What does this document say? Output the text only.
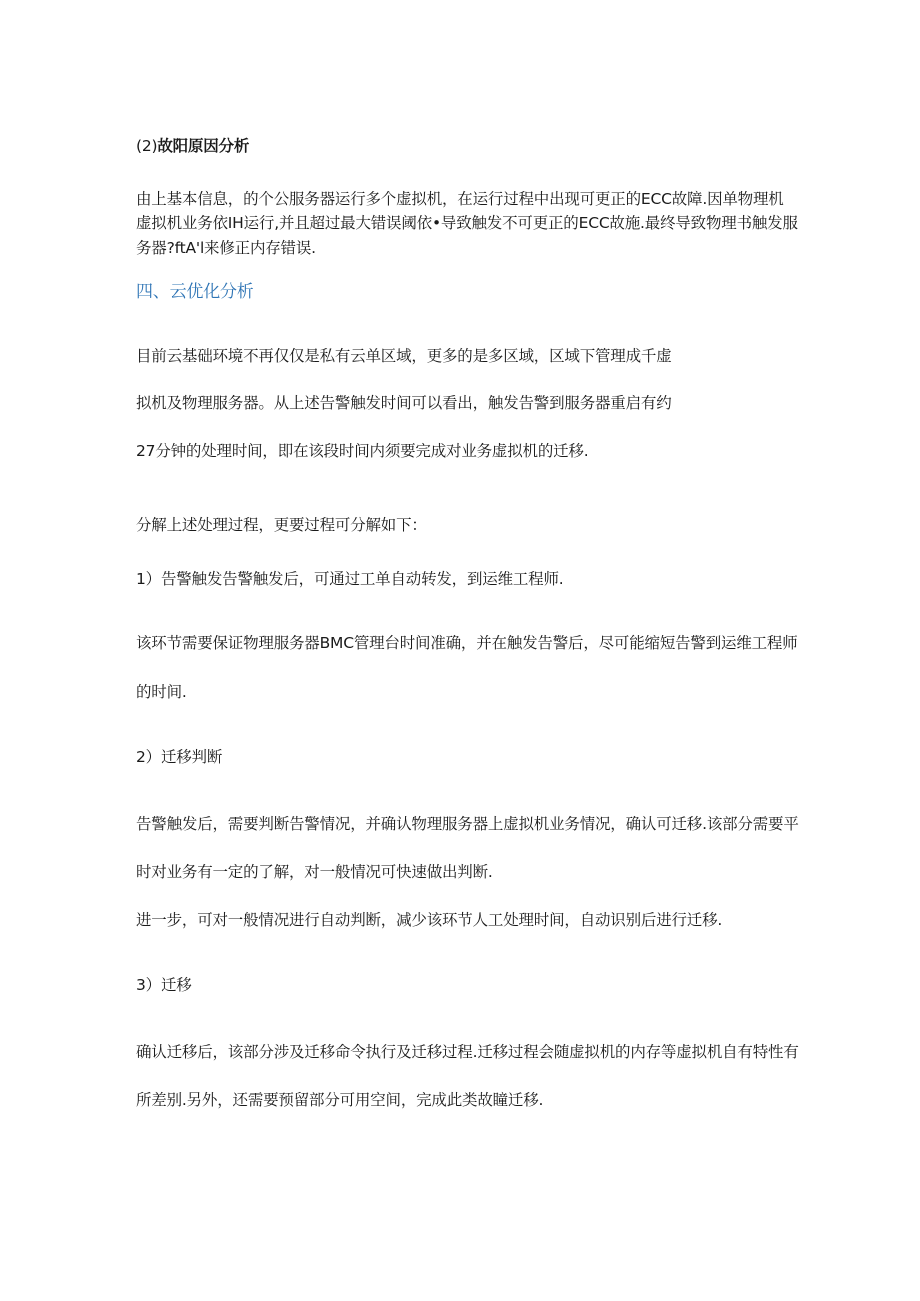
(2)故阳原因分析
由上基本信息，的个公服务器运行多个虚拟机，在运行过程中出现可更正的ECC故障.因单物理机
虚拟机业务依IH运行,并且超过最大错误阈依•导致触发不可更正的ECC故施.最终导致物理书触发服
务器?ftA'l来修正内存错误.
四、云优化分析
目前云基础环境不再仅仅是私有云单区域，更多的是多区域，区域下管理成千虚
拟机及物理服务器。从上述告警触发时间可以看出，触发告警到服务器重启有约
27分钟的处理时间，即在该段时间内须要完成对业务虚拟机的迁移.
分解上述处理过程，更要过程可分解如下：
1）告警触发告警触发后，可通过工单自动转发，到运维工程师.
该环节需要保证物理服务器BMC管理台时间准确，并在触发告警后，尽可能缩短告警到运维工程师
的时间.
2）迁移判断
告警触发后，需要判断告警情况，并确认物理服务器上虚拟机业务情况，确认可迁移.该部分需要平
时对业务有一定的了解，对一般情况可快速做出判断.
进一步，可对一般情况进行自动判断，减少该环节人工处理时间，自动识别后进行迁移.
3）迁移
确认迁移后，该部分涉及迁移命令执行及迁移过程.迁移过程会随虚拟机的内存等虚拟机自有特性有
所差别.另外，还需要预留部分可用空间，完成此类故瞳迁移.
